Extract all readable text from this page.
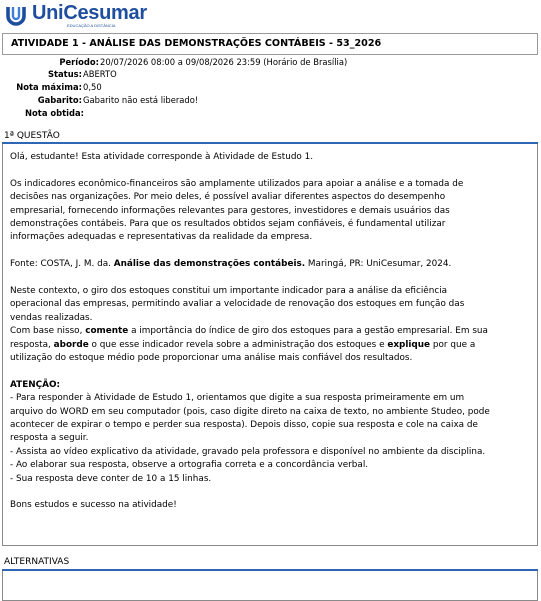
UniCesumar
EDUCAÇÃO A DISTÂNCIA
ATIVIDADE 1 - ANÁLISE DAS DEMONSTRAÇÕES CONTÁBEIS - 53_2026
Período: 20/07/2026 08:00 a 09/08/2026 23:59 (Horário de Brasília)
Status: ABERTO
Nota máxima: 0,50
Gabarito: Gabarito não está liberado!
Nota obtida:
1ª QUESTÃO

Olá, estudante! Esta atividade corresponde à Atividade de Estudo 1.

Os indicadores econômico-financeiros são amplamente utilizados para apoiar a análise e a tomada de

decisões nas organizações. Por meio deles, é possível avaliar diferentes aspectos do desempenho

empresarial, fornecendo informações relevantes para gestores, investidores e demais usuários das

demonstrações contábeis. Para que os resultados obtidos sejam confiáveis, é fundamental utilizar

informações adequadas e representativas da realidade da empresa.

Fonte: COSTA, J. M. da. Análise das demonstrações contábeis. Maringá, PR: UniCesumar, 2024.

Neste contexto, o giro dos estoques constitui um importante indicador para a análise da eficiência

operacional das empresas, permitindo avaliar a velocidade de renovação dos estoques em função das

vendas realizadas.

Com base nisso, comente a importância do índice de giro dos estoques para a gestão empresarial. Em sua

resposta, aborde o que esse indicador revela sobre a administração dos estoques e explique por que a

utilização do estoque médio pode proporcionar uma análise mais confiável dos resultados.

ATENÇÃO:

- Para responder à Atividade de Estudo 1, orientamos que digite a sua resposta primeiramente em um

arquivo do WORD em seu computador (pois, caso digite direto na caixa de texto, no ambiente Studeo, pode

acontecer de expirar o tempo e perder sua resposta). Depois disso, copie sua resposta e cole na caixa de

resposta a seguir.

- Assista ao vídeo explicativo da atividade, gravado pela professora e disponível no ambiente da disciplina.

- Ao elaborar sua resposta, observe a ortografia correta e a concordância verbal.

- Sua resposta deve conter de 10 a 15 linhas.

Bons estudos e sucesso na atividade!

ALTERNATIVAS
